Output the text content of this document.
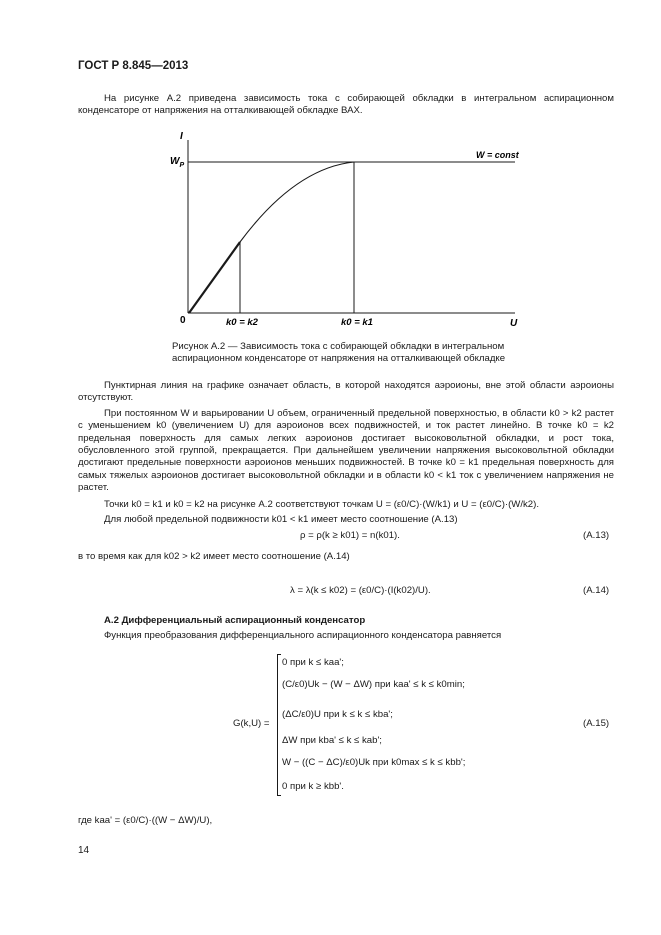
ГОСТ Р 8.845—2013

На рисунке А.2 приведена зависимость тока с собирающей обкладки в интегральном аспирационном конденсаторе от напряжения на отталкивающей обкладке ВАХ.

I
U
0
$W_P$
W = const
k0 = k2	k0 = k1
Рисунок А.2 — Зависимость тока с собирающей обкладки в интегральном
аспирационном конденсаторе от напряжения на отталкивающей обкладке

Пунктирная линия на графике означает область, в которой находятся аэроионы, вне этой области аэроионы отсутствуют.

При постоянном W и варьировании U объем, ограниченный предельной поверхностью, в области k0 > k2 растет с уменьшением k0 (увеличением U) для аэроионов всех подвижностей, и ток растет линейно. В точке k0 = k2 предельная поверхность для самых легких аэроионов достигает высоковольтной обкладки, и рост тока, обусловленного этой группой, прекращается. При дальнейшем увеличении напряжения высоковольтной обкладки достигают предельные поверхности аэроионов меньших подвижностей. В точке k0 = k1 предельная поверхность для самых тяжелых аэроионов достигает высоковольтной обкладки и в области k0 < k1 ток с увеличением напряжения не растет.

Точки k0 = k1 и k0 = k2 на рисунке А.2 соответствуют точкам U = (ε0/C)·(W/k1) и U = (ε0/C)·(W/k2).

Для любой предельной подвижности k01 < k1 имеет место соотношение (А.13)

ρ = ρ(k ≥ k01) = n(k01).	(А.13)
в то время как для k02 > k2 имеет место соотношение (А.14)
λ = λ(k ≤ k02) = (ε0/C)·(I(k02)/U).	(А.14)
А.2 Дифференциальный аспирационный конденсатор

Функция преобразования дифференциального аспирационного конденсатора равняется

G(k,U) =
0 при k ≤ kaa';
(C/ε0)Uk − (W − ΔW) при kaa' ≤ k ≤ k0min;
(ΔC/ε0)U при k ≤ k ≤ kba';
ΔW при kba' ≤ k ≤ kab';
W − ((C − ΔC)/ε0)Uk при k0max ≤ k ≤ kbb';
0 при k ≥ kbb'.
(А.15)
где kaa' = (ε0/C)·((W − ΔW)/U),
14
